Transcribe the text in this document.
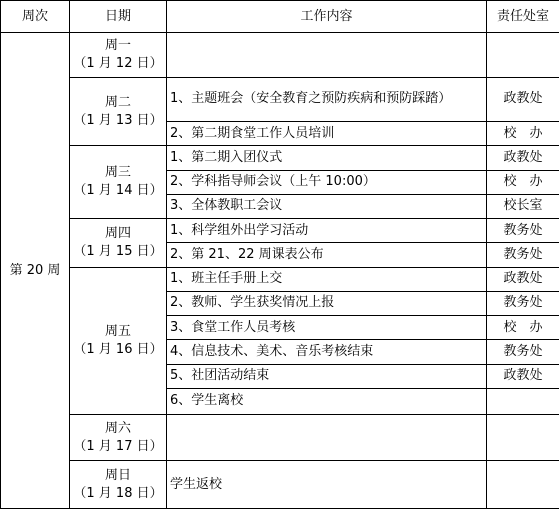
周次	日期	工作内容	责任处室
第 20 周	周一
（1 月 12 日）		

	周二
（1 月 13 日）	1、主题班会（安全教育之预防疾病和预防踩踏）	政教处
		2、第二期食堂工作人员培训	校　办

	周三
（1 月 14 日）	1、第二期入团仪式	政教处
		2、学科指导师会议（上午 10:00）	校　办
		3、全体教职工会议	校长室

	周四
（1 月 15 日）	1、科学组外出学习活动	教务处
		2、第 21、22 周课表公布	教务处

	周五
（1 月 16 日）	1、班主任手册上交	政教处
		2、教师、学生获奖情况上报	教务处
		3、食堂工作人员考核	校　办
		4、信息技术、美术、音乐考核结束	教务处
		5、社团活动结束	政教处
		6、学生离校	

	周六
（1 月 17 日）		

	周日
（1 月 18 日）	学生返校	
